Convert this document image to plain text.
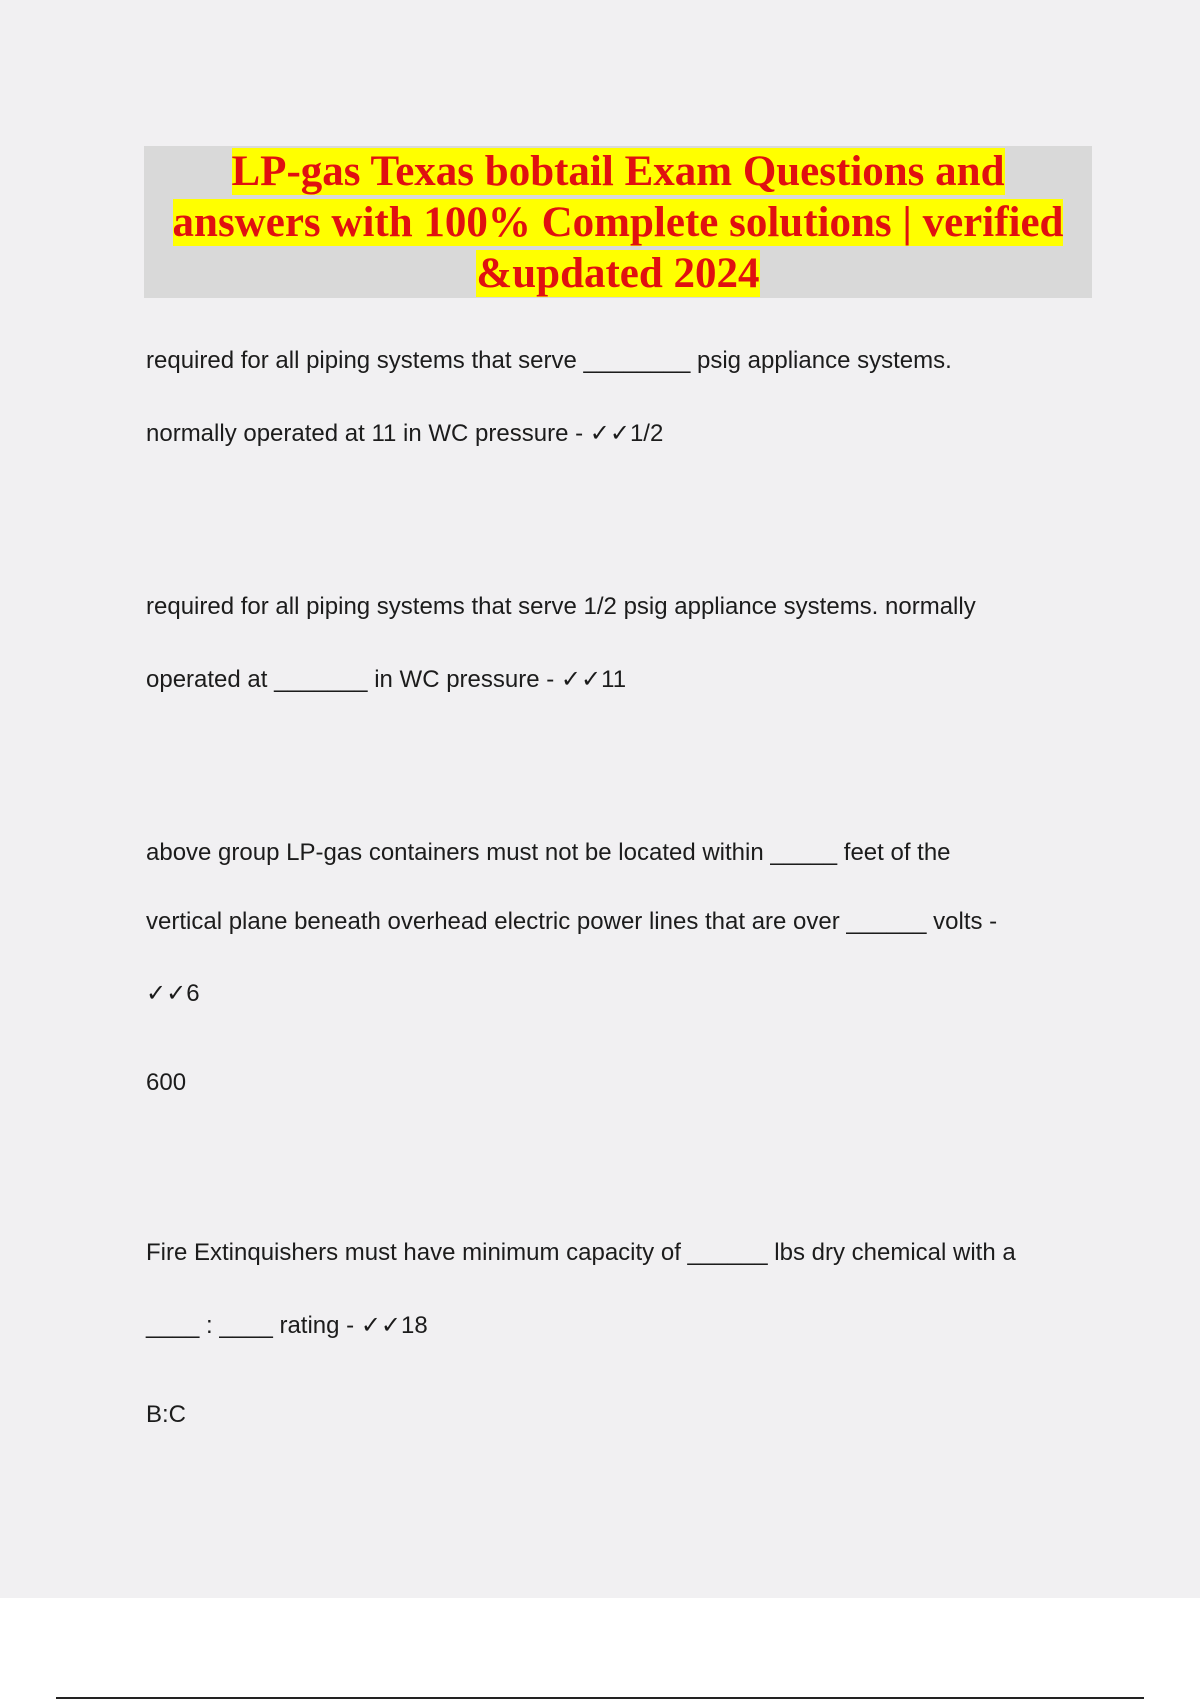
LP-gas Texas bobtail Exam Questions and
answers with 100% Complete solutions | verified
&updated 2024

required for all piping systems that serve ________ psig appliance systems.

normally operated at 11 in WC pressure - ✓✓1/2

required for all piping systems that serve 1/2 psig appliance systems. normally

operated at _______ in WC pressure - ✓✓11

above group LP-gas containers must not be located within _____ feet of the

vertical plane beneath overhead electric power lines that are over ______ volts -

✓✓6

600

Fire Extinquishers must have minimum capacity of ______ lbs dry chemical with a

____ : ____ rating - ✓✓18

B:C
